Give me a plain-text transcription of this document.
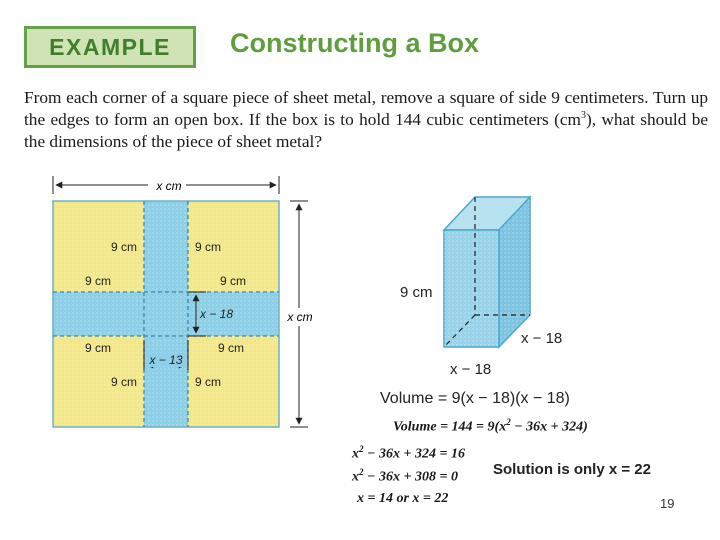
EXAMPLE	Constructing a Box
From each corner of a square piece of sheet metal, remove a square of side 9 centimeters. Turn up the edges to form an open box. If the box is to hold 144 cubic centimeters $(cm^3)$, what should be the dimensions of the piece of sheet metal?
x cm
x cm
9 cm	9 cm
9 cm	9 cm
9 cm	9 cm
9 cm	9 cm
x − 18
x − 13
9 cm
x − 18
x − 18
Volume = 9(x − 18)(x − 18)
Volume = $144 = 9(x^2 - 36x + 324)$
$x^2 - 36x + 324 = 16$
$x^2 - 36x + 308 = 0$
x = 14 or x = 22
Solution is only x = 22
19
